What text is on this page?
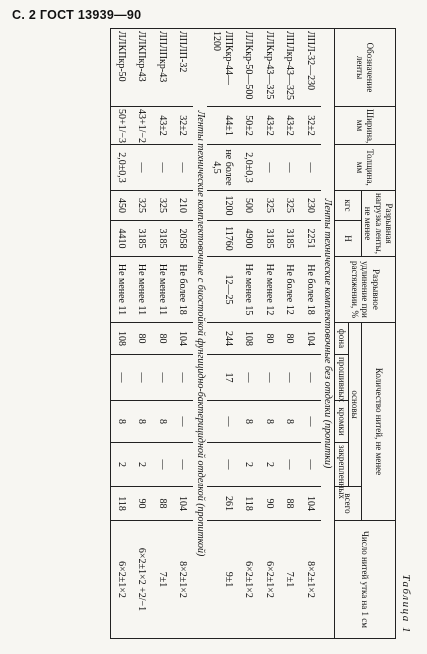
С. 2 ГОСТ 13939—90
Таблица 1
Обозначение ленты	Ширина, мм	Толщина, мм	Разрывная нагрузка ленты, не менее		Разрывное удлинение при растяжении, %	Количество нитей, не менее					Число нитей утка на 1 см
			кгс	Н		основы				всего	
						фона	прошивных	кромки	закрепленных		
Ленты технические комплектовочные без отделки (пропитки)											
ЛПЛ-32—230	32±2	—	230	2251	Не более 18	104	—	—	—	104	8×2±1×2
ЛПЛкр-43—325	43±2	—	325	3185	Не более 12	80	—	8	—	88	7±1
ЛЛКкр-43—325	43±2	—	325	3185	Не менее 12	80	—	8	2	90	6×2±1×2
ЛЛКкр-50—500	50±2	2,0±0,3	500	4900	Не менее 15	108	—	8	2	118	6×2±1×2
ЛПКкр-44—1200	44±1	не более 4,5	1200	11760	12—25	244	17	—	—	261	9±1
Ленты технические комплектовочные с биостойкой фунгицидно-бактерицидной отделкой (пропиткой)											
ЛПЛП-32	32±2	—	210	2058	Не более 18	104	—	—	—	104	8×2±1×2
ЛПЛПкр-43	43±2	—	325	3185	Не менее 11	80	—	8	—	88	7±1
ЛЛКПкр-43	43+1/−2	—	325	3185	Не менее 11	80	—	8	2	90	6×2±1×2 +2/−1
ЛЛКПкр-50	50+1/−3	2,0±0,3	450	4410	Не менее 11	108	—	8	2	118	6×2±1×2
